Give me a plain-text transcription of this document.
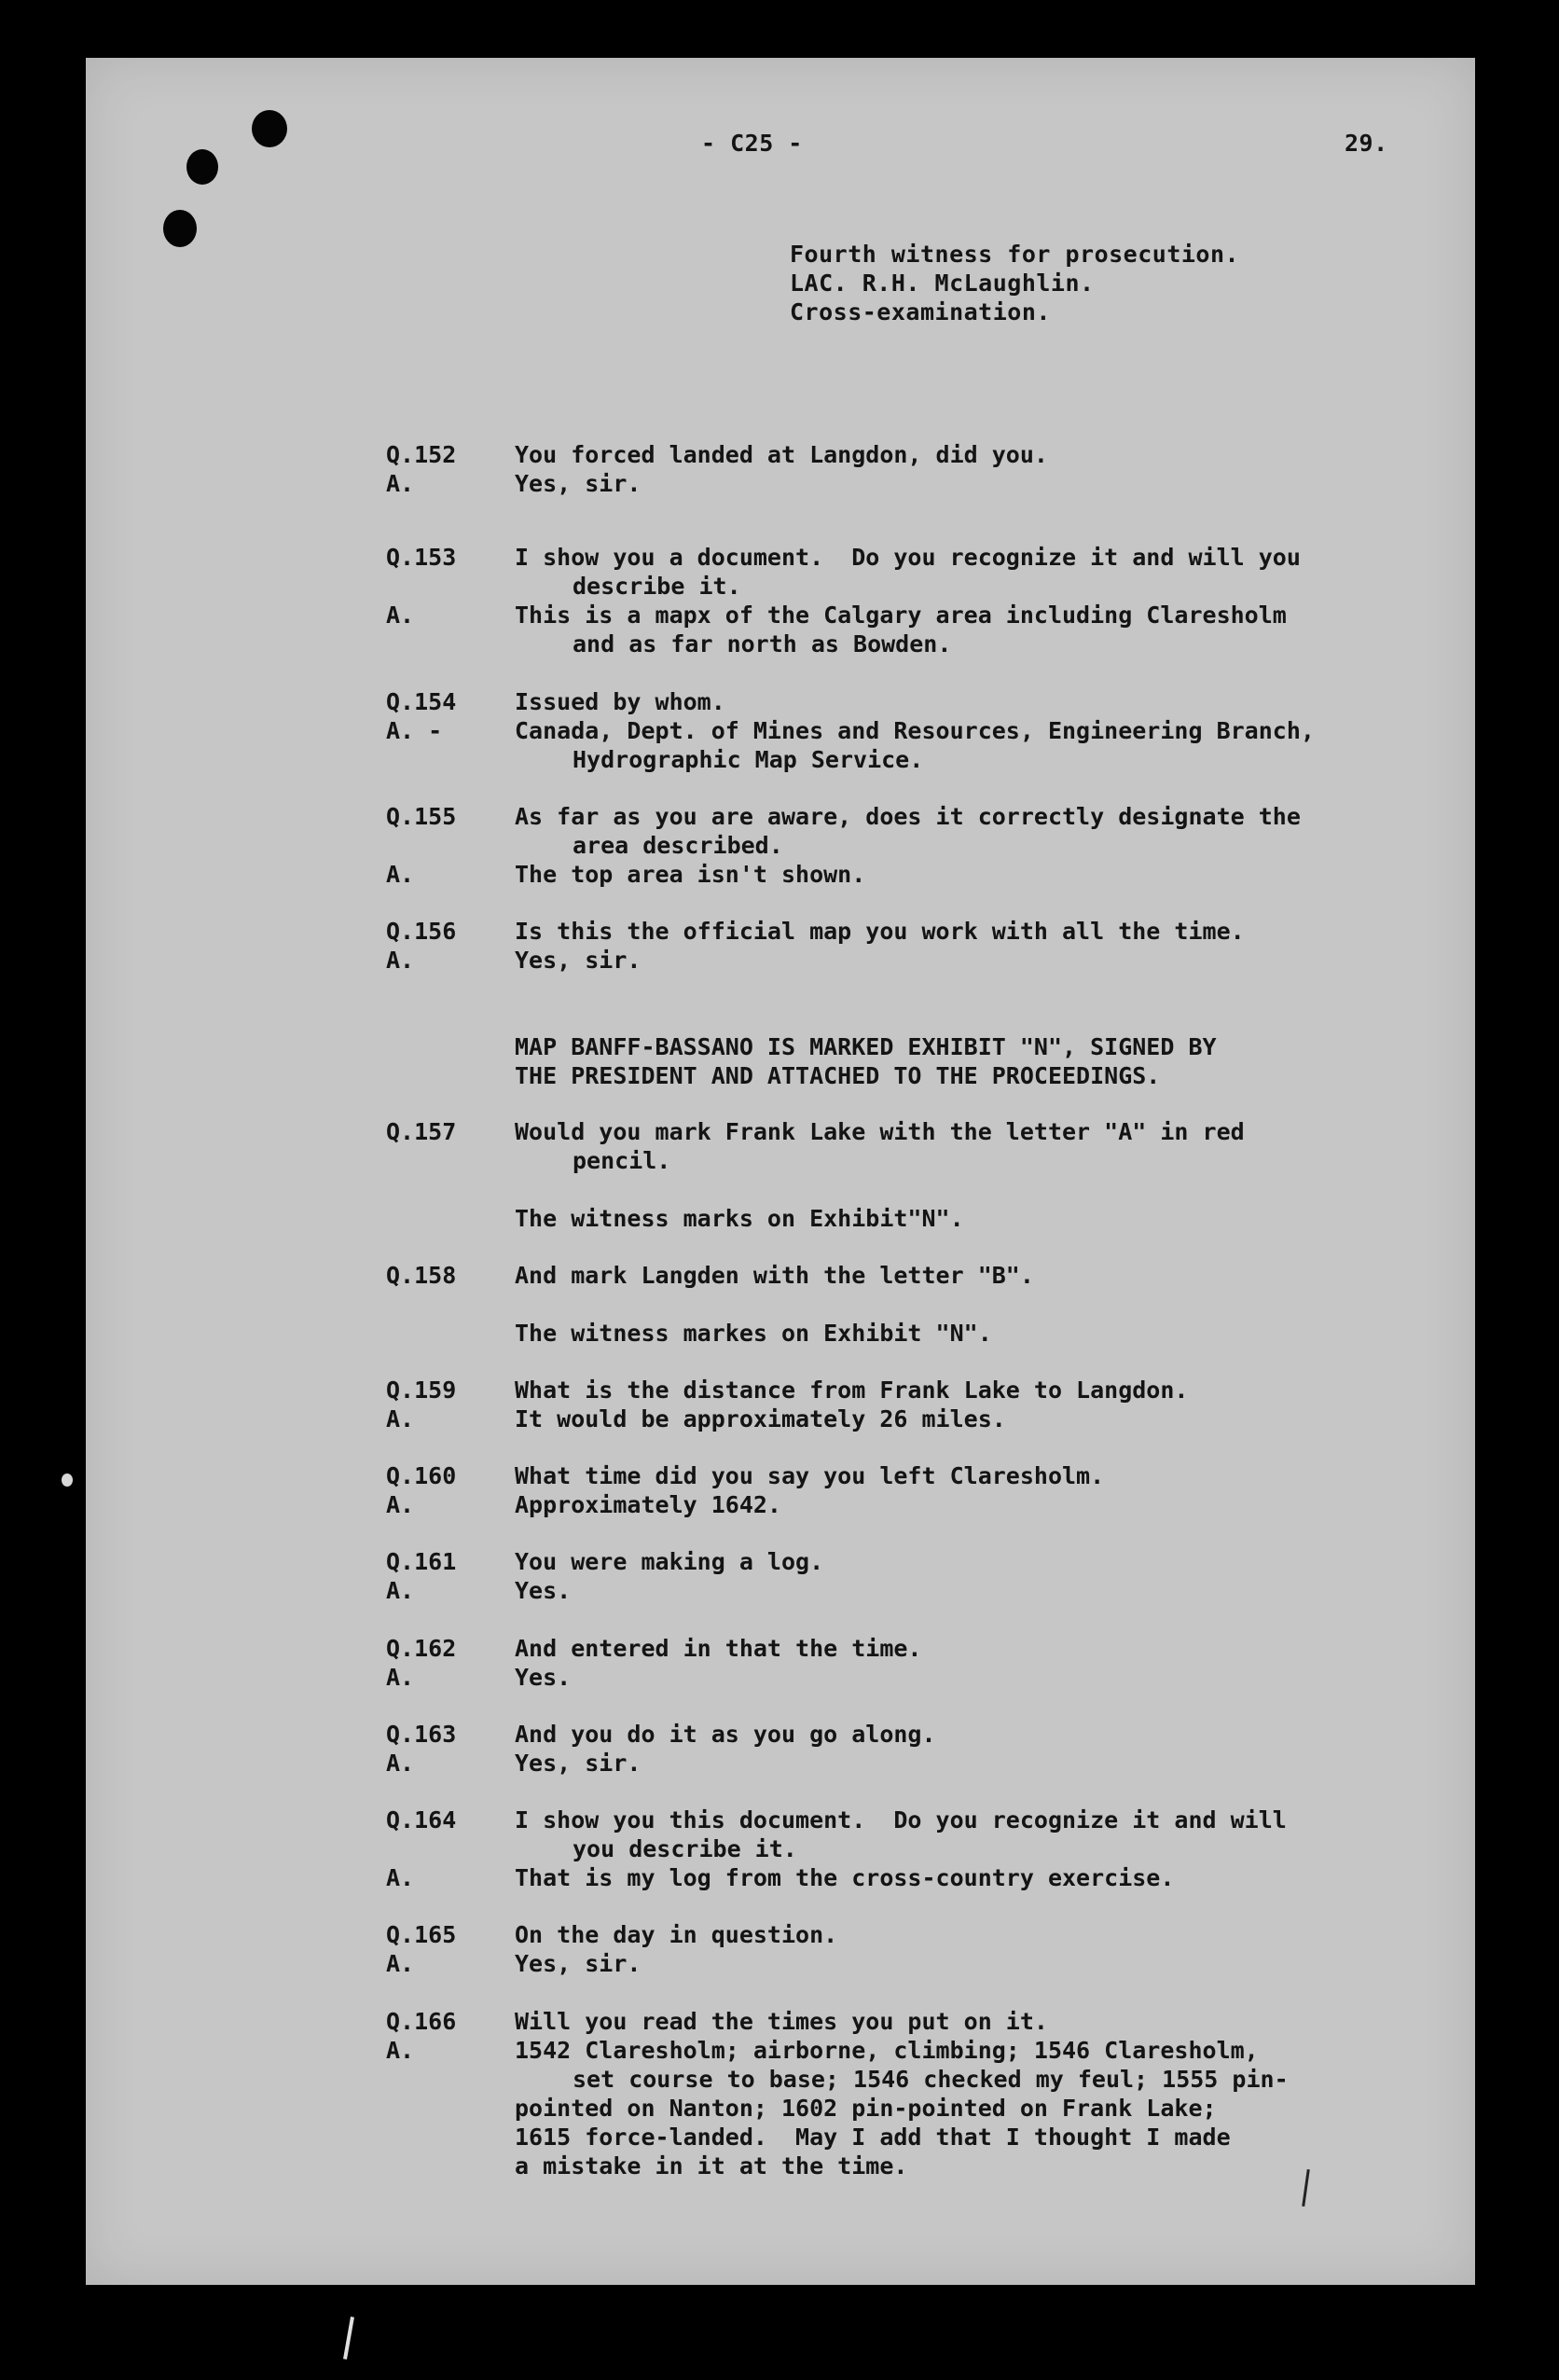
- C25 -	29.
Fourth witness for prosecution.
LAC. R.H. McLaughlin.
Cross-examination.
Q.152	You forced landed at Langdon, did you.
A.	Yes, sir.
Q.153	I show you a document.  Do you recognize it and will you
describe it.
A.	This is a mapx of the Calgary area including Claresholm
and as far north as Bowden.
Q.154	Issued by whom.
A. -	Canada, Dept. of Mines and Resources, Engineering Branch,
Hydrographic Map Service.
Q.155	As far as you are aware, does it correctly designate the
area described.
A.	The top area isn't shown.
Q.156	Is this the official map you work with all the time.
A.	Yes, sir.
MAP BANFF-BASSANO IS MARKED EXHIBIT "N", SIGNED BY
THE PRESIDENT AND ATTACHED TO THE PROCEEDINGS.
Q.157	Would you mark Frank Lake with the letter "A" in red
pencil.
The witness marks on Exhibit"N".
Q.158	And mark Langden with the letter "B".
The witness markes on Exhibit "N".
Q.159	What is the distance from Frank Lake to Langdon.
A.	It would be approximately 26 miles.
Q.160	What time did you say you left Claresholm.
A.	Approximately 1642.
Q.161	You were making a log.
A.	Yes.
Q.162	And entered in that the time.
A.	Yes.
Q.163	And you do it as you go along.
A.	Yes, sir.
Q.164	I show you this document.  Do you recognize it and will
you describe it.
A.	That is my log from the cross-country exercise.
Q.165	On the day in question.
A.	Yes, sir.
Q.166	Will you read the times you put on it.
A.	1542 Claresholm; airborne, climbing; 1546 Claresholm,
set course to base; 1546 checked my feul; 1555 pin-
pointed on Nanton; 1602 pin-pointed on Frank Lake;
1615 force-landed.  May I add that I thought I made
a mistake in it at the time.
